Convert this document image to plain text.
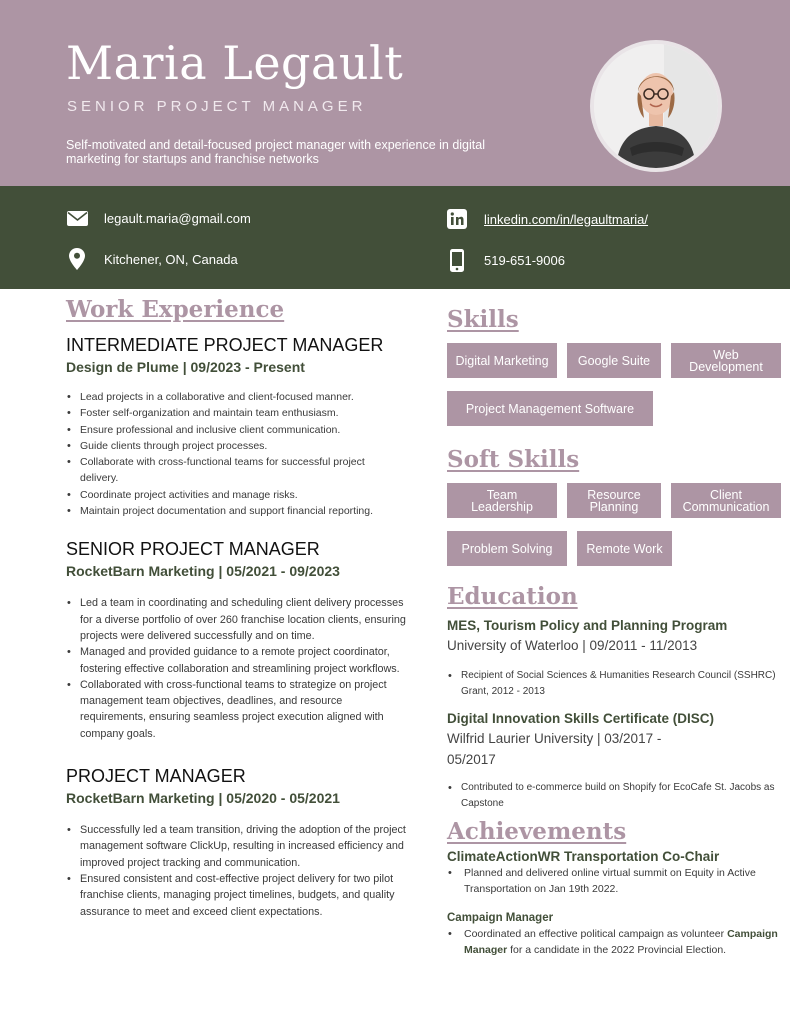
Maria Legault
SENIOR PROJECT MANAGER
Self-motivated and detail-focused project manager with experience in digital marketing for startups and franchise networks
legault.maria@gmail.com
Kitchener, ON, Canada
linkedin.com/in/legaultmaria/
519-651-9006
Work Experience
INTERMEDIATE PROJECT MANAGER
Design de Plume | 09/2023 - Present
• Lead projects in a collaborative and client-focused manner.
• Foster self-organization and maintain team enthusiasm.
• Ensure professional and inclusive client communication.
• Guide clients through project processes.
• Collaborate with cross-functional teams for successful project delivery.
• Coordinate project activities and manage risks.
• Maintain project documentation and support financial reporting.
SENIOR PROJECT MANAGER
RocketBarn Marketing | 05/2021 - 09/2023
• Led a team in coordinating and scheduling client delivery processes for a diverse portfolio of over 260 franchise location clients, ensuring projects were delivered successfully and on time.
• Managed and provided guidance to a remote project coordinator, fostering effective collaboration and streamlining project workflows.
• Collaborated with cross-functional teams to strategize on project management team objectives, deadlines, and resource requirements, ensuring seamless project execution aligned with company goals.
PROJECT MANAGER
RocketBarn Marketing | 05/2020 - 05/2021
• Successfully led a team transition, driving the adoption of the project management software ClickUp, resulting in increased efficiency and improved project tracking and communication.
• Ensured consistent and cost-effective project delivery for two pilot franchise clients, managing project timelines, budgets, and quality assurance to meet and exceed client expectations.
Skills
Digital Marketing	Google Suite	Web Development
Project Management Software
Soft Skills
Team Leadership
Resource Planning
Client Communication
Problem Solving	Remote Work
Education
MES, Tourism Policy and Planning Program
University of Waterloo | 09/2011 - 11/2013
• Recipient of Social Sciences & Humanities Research Council (SSHRC) Grant, 2012 - 2013
Digital Innovation Skills Certificate (DISC)
Wilfrid Laurier University | 03/2017 - 05/2017
• Contributed to e-commerce build on Shopify for EcoCafe St. Jacobs as Capstone
Achievements
ClimateActionWR Transportation Co-Chair
• Planned and delivered online virtual summit on Equity in Active Transportation on Jan 19th 2022.
Campaign Manager
• Coordinated an effective political campaign as volunteer Campaign Manager for a candidate in the 2022 Provincial Election.
